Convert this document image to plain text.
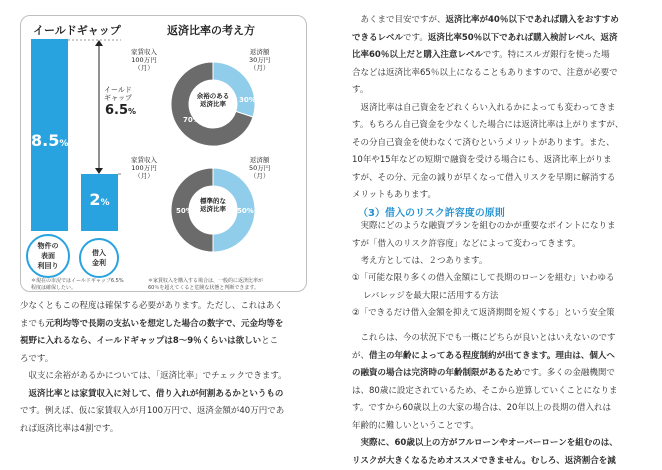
イールドギャップ	返済比率の考え方
8.5%
2%
イールド
ギャップ
6.5%
物件の
表面
利回り
借入
金利
＊現在の市況ではイールドギャップ6.5%
程度は確保したい。
＊家賃収入を購入する場合は、一般的に返済比率が
60％を超えてくると危険な状態と判断できます。
家賃収入
100万円
（月）
返済額
30万円
（月）
余裕のある
返済比率	30%
70%
家賃収入
100万円
（月）
返済額
50万円
（月）
標準的な
返済比率	50%
50%
少なくともこの程度は確保する必要があります。ただし、これはあく
までも元利均等で長期の支払いを想定した場合の数字で、元金均等を
視野に入れるなら、イールドギャップは8～9％くらいは欲しいとこ
ろです。
　収支に余裕があるかについては、「返済比率」でチェックできます。
　返済比率とは家賃収入に対して、借り入れが何割あるかというもの
です。例えば、仮に家賃収入が月100万円で、返済金額が40万円であ
れば返済比率は4割です。
　あくまで目安ですが、返済比率が40％以下であれば購入をおすすめ
できるレベルです。返済比率50％以下であれば購入検討レベル、返済
比率60％以上だと購入注意レベルです。特にスルガ銀行を使った場
合などは返済比率65％以上になることもありますので、注意が必要で
す。
　返済比率は自己資金をどれくらい入れるかによっても変わってきま
す。もちろん自己資金を少なくした場合には返済比率は上がりますが、
その分自己資金を使わなくて済むというメリットがあります。また、
10年や15年などの短期で融資を受ける場合にも、返済比率上がりま
すが、その分、元金の減りが早くなって借入リスクを早期に解消する
メリットもあります。
（3）借入のリスク許容度の原則
　実際にどのような融資プランを組むのかが重要なポイントになりま
すが「借入のリスク許容度」などによって変わってきます。
　考え方としては、２つあります。
①「可能な限り多くの借入金額にして長期のローンを組む」いわゆる
レバレッジを最大限に活用する方法
②「できるだけ借入金額を抑えて返済期間を短くする」という安全策
　これらは、今の状況下でも一概にどちらが良いとはいえないのです
が、借主の年齢によってある程度制約が出てきます。理由は、個人へ
の融資の場合は完済時の年齢制限があるためです。多くの金融機関で
は、80歳に設定されているため、そこから逆算していくことになりま
す。ですから60歳以上の大家の場合は、20年以上の長期の借入れは
年齢的に難しいということです。
　実際に、60歳以上の方がフルローンやオーバーローンを組むのは、
リスクが大きくなるためオススメできません。むしろ、返済割合を減
